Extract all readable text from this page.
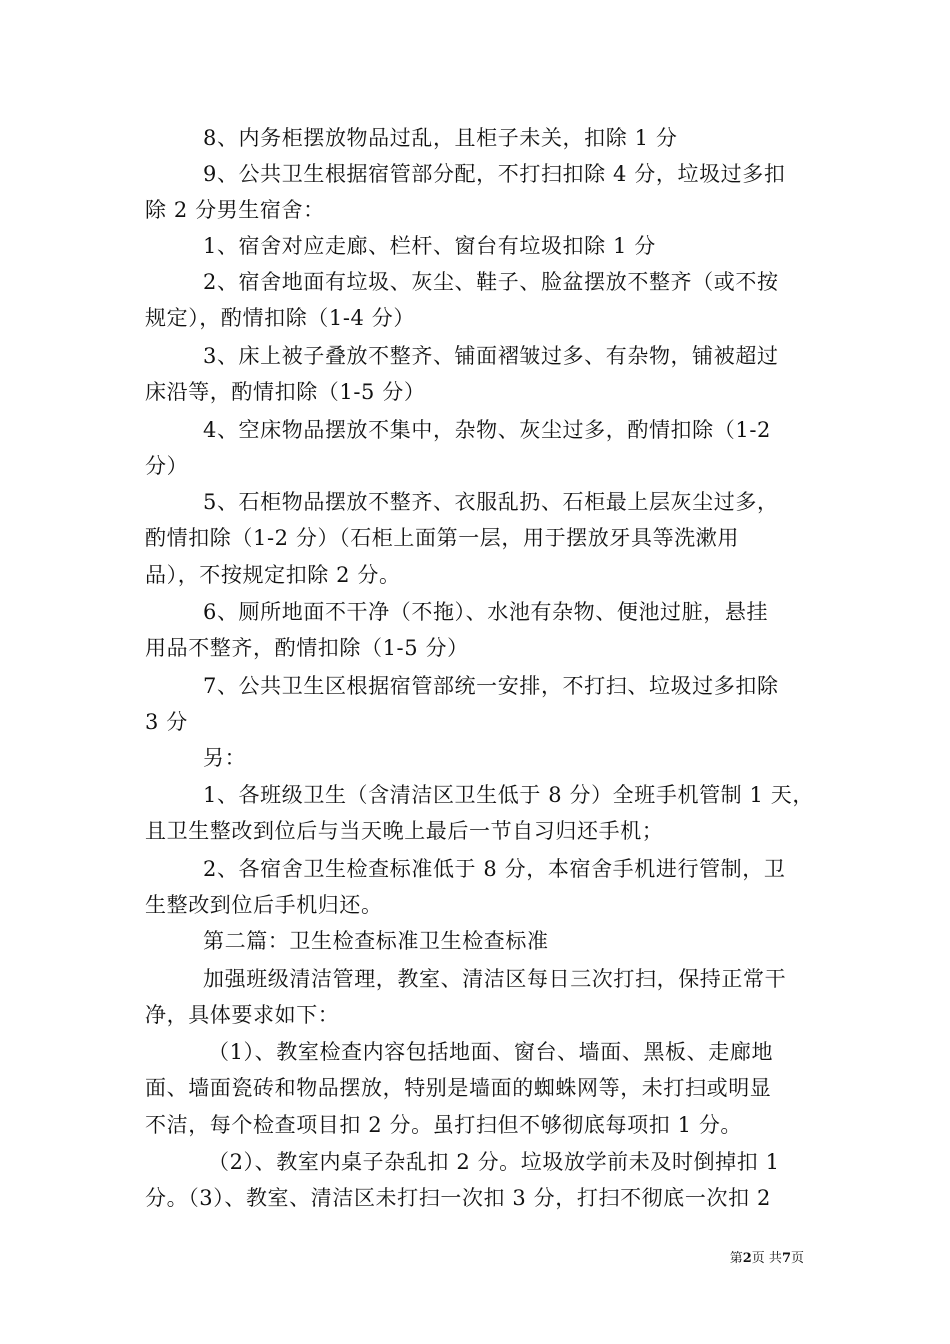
8、内务柜摆放物品过乱，且柜子未关，扣除 1 分
9、公共卫生根据宿管部分配，不打扫扣除 4 分，垃圾过多扣
除 2 分男生宿舍：
1、宿舍对应走廊、栏杆、窗台有垃圾扣除 1 分
2、宿舍地面有垃圾、灰尘、鞋子、脸盆摆放不整齐（或不按
规定），酌情扣除（1-4 分）
3、床上被子叠放不整齐、铺面褶皱过多、有杂物，铺被超过
床沿等，酌情扣除（1-5 分）
4、空床物品摆放不集中，杂物、灰尘过多，酌情扣除（1-2
分）
5、石柜物品摆放不整齐、衣服乱扔、石柜最上层灰尘过多，
酌情扣除（1-2 分）（石柜上面第一层，用于摆放牙具等洗漱用
品），不按规定扣除 2 分。
6、厕所地面不干净（不拖）、水池有杂物、便池过脏，悬挂
用品不整齐，酌情扣除（1-5 分）
7、公共卫生区根据宿管部统一安排，不打扫、垃圾过多扣除
3 分
另：
1、各班级卫生（含清洁区卫生低于 8 分）全班手机管制 1 天，
且卫生整改到位后与当天晚上最后一节自习归还手机；
2、各宿舍卫生检查标准低于 8 分，本宿舍手机进行管制，卫
生整改到位后手机归还。
第二篇：卫生检查标准卫生检查标准
加强班级清洁管理，教室、清洁区每日三次打扫，保持正常干
净，具体要求如下：
（1）、教室检查内容包括地面、窗台、墙面、黑板、走廊地
面、墙面瓷砖和物品摆放，特别是墙面的蜘蛛网等，未打扫或明显
不洁，每个检查项目扣 2 分。虽打扫但不够彻底每项扣 1 分。
（2）、教室内桌子杂乱扣 2 分。垃圾放学前未及时倒掉扣 1
分。（3）、教室、清洁区未打扫一次扣 3 分，打扫不彻底一次扣 2
第2页 共7页
